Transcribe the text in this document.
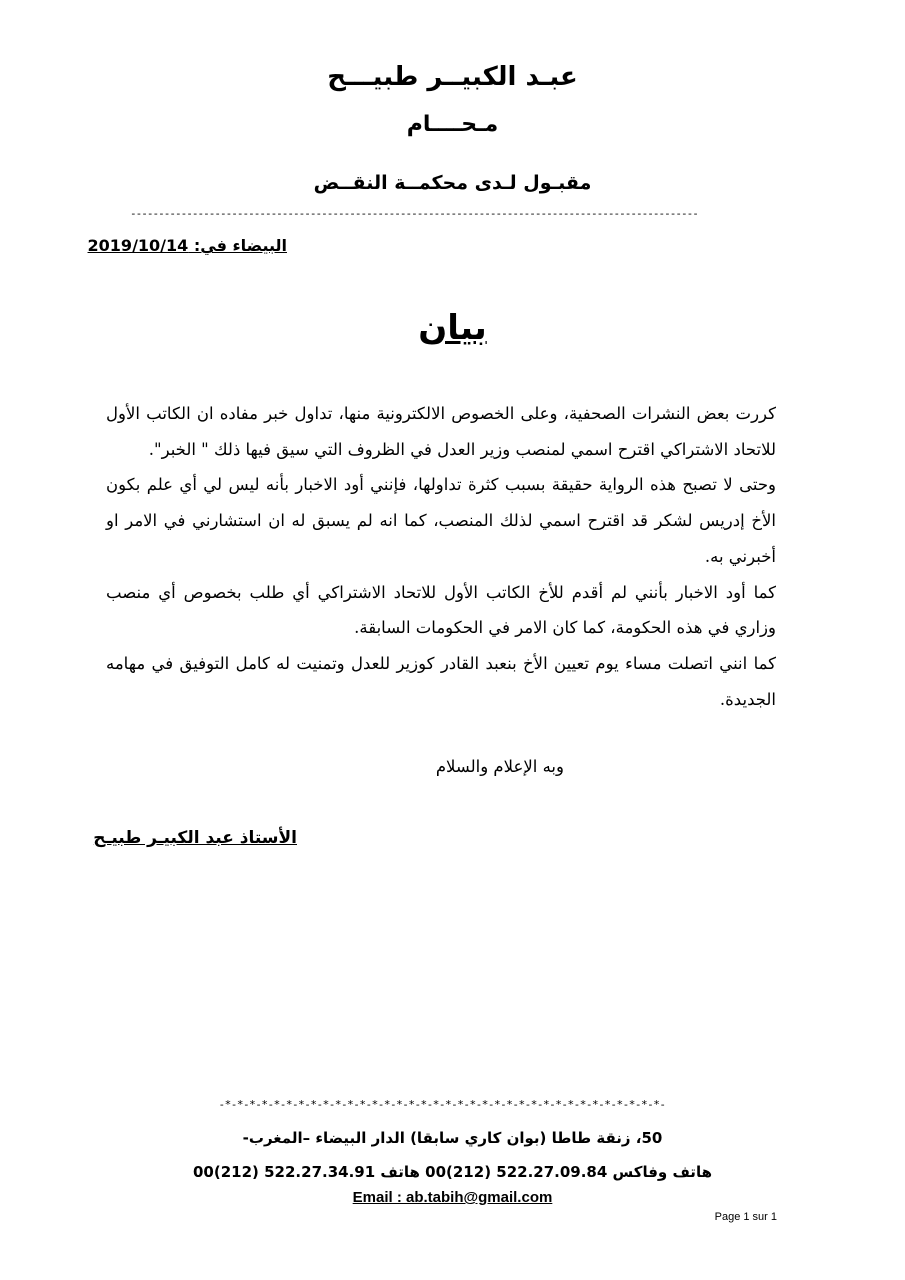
عبـد الكبيــر طبيـــح
مـحــــام
مقبـول لـدى محكمــة النقــض
-----------------------------------------------------------------------------------------------------
البيضاء في: 2019/10/14
بيان

كررت بعض النشرات الصحفية، وعلى الخصوص الالكترونية منها، تداول خبر مفاده ان الكاتب الأول للاتحاد الاشتراكي اقترح اسمي لمنصب وزير العدل في الظروف التي سيق فيها ذلك " الخبر".

وحتى لا تصبح هذه الرواية حقيقة بسبب كثرة تداولها، فإنني أود الاخبار بأنه ليس لي أي علم بكون الأخ إدريس لشكر قد اقترح اسمي لذلك المنصب، كما انه لم يسبق له ان استشارني في الامر او أخبرني به.

كما أود الاخبار بأنني لم أقدم للأخ الكاتب الأول للاتحاد الاشتراكي أي طلب بخصوص أي منصب وزاري في هذه الحكومة، كما كان الامر في الحكومات السابقة.

كما انني اتصلت مساء يوم تعيين الأخ بنعبد القادر كوزير للعدل وتمنيت له كامل التوفيق في مهامه الجديدة.

وبه الإعلام والسلام
الأستاذ عبد الكبيـر طبيـح
-*-*-*-*-*-*-*-*-*-*-*-*-*-*-*-*-*-*-*-*-*-*-*-*-*-*-*-*-*-*-*-*-*-*-*-*-
50، زنقة طاطا (بوان كاري سابقا) الدار البيضاء –المغرب-
هاتف وفاكس 522.27.09.84 (212)00 هاتف 522.27.34.91 (212)00
Email : ab.tabih@gmail.com
Page 1 sur 1
